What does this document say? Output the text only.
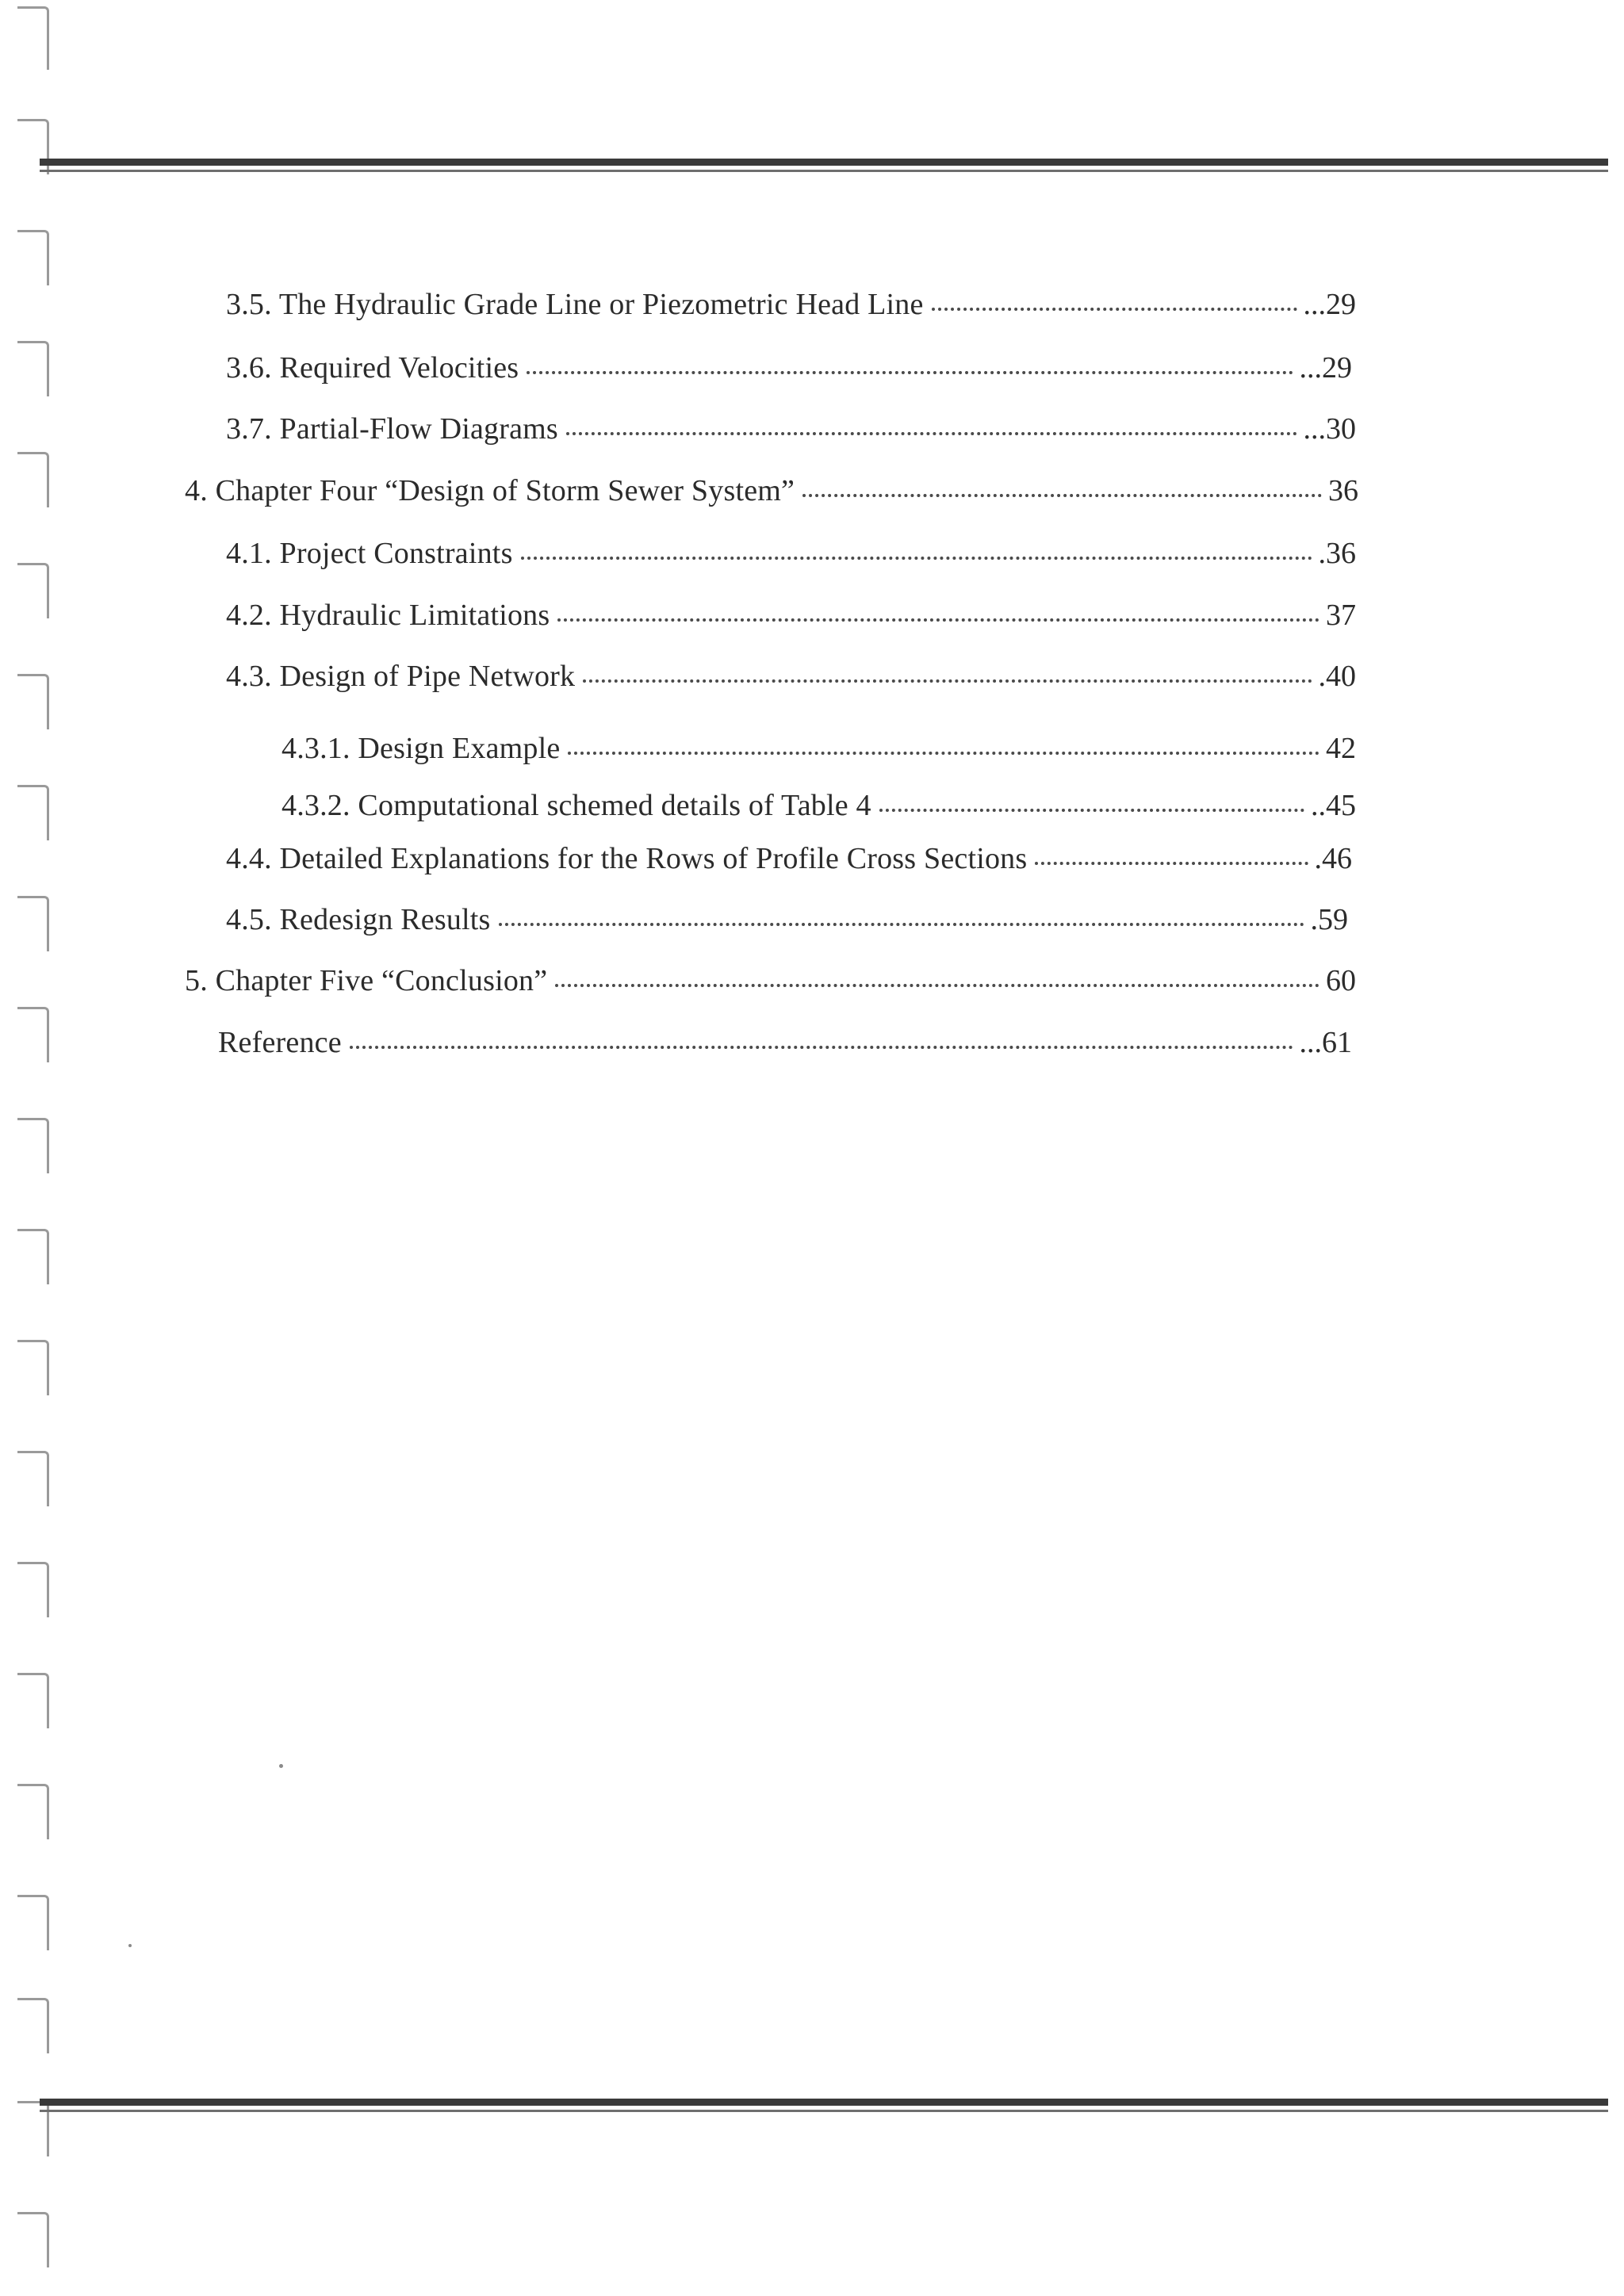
3.5. The Hydraulic Grade Line or Piezometric Head Line	...29
3.6. Required Velocities	...29
3.7. Partial-Flow Diagrams	...30
4. Chapter Four “Design of Storm Sewer System”	36
4.1. Project Constraints	.36
4.2. Hydraulic Limitations	37
4.3. Design of Pipe Network	.40
4.3.1. Design Example	42
4.3.2. Computational schemed details of Table 4	..45
4.4. Detailed Explanations for the Rows of Profile Cross Sections	.46
4.5. Redesign Results	.59
5. Chapter Five “Conclusion”	60
Reference	...61
